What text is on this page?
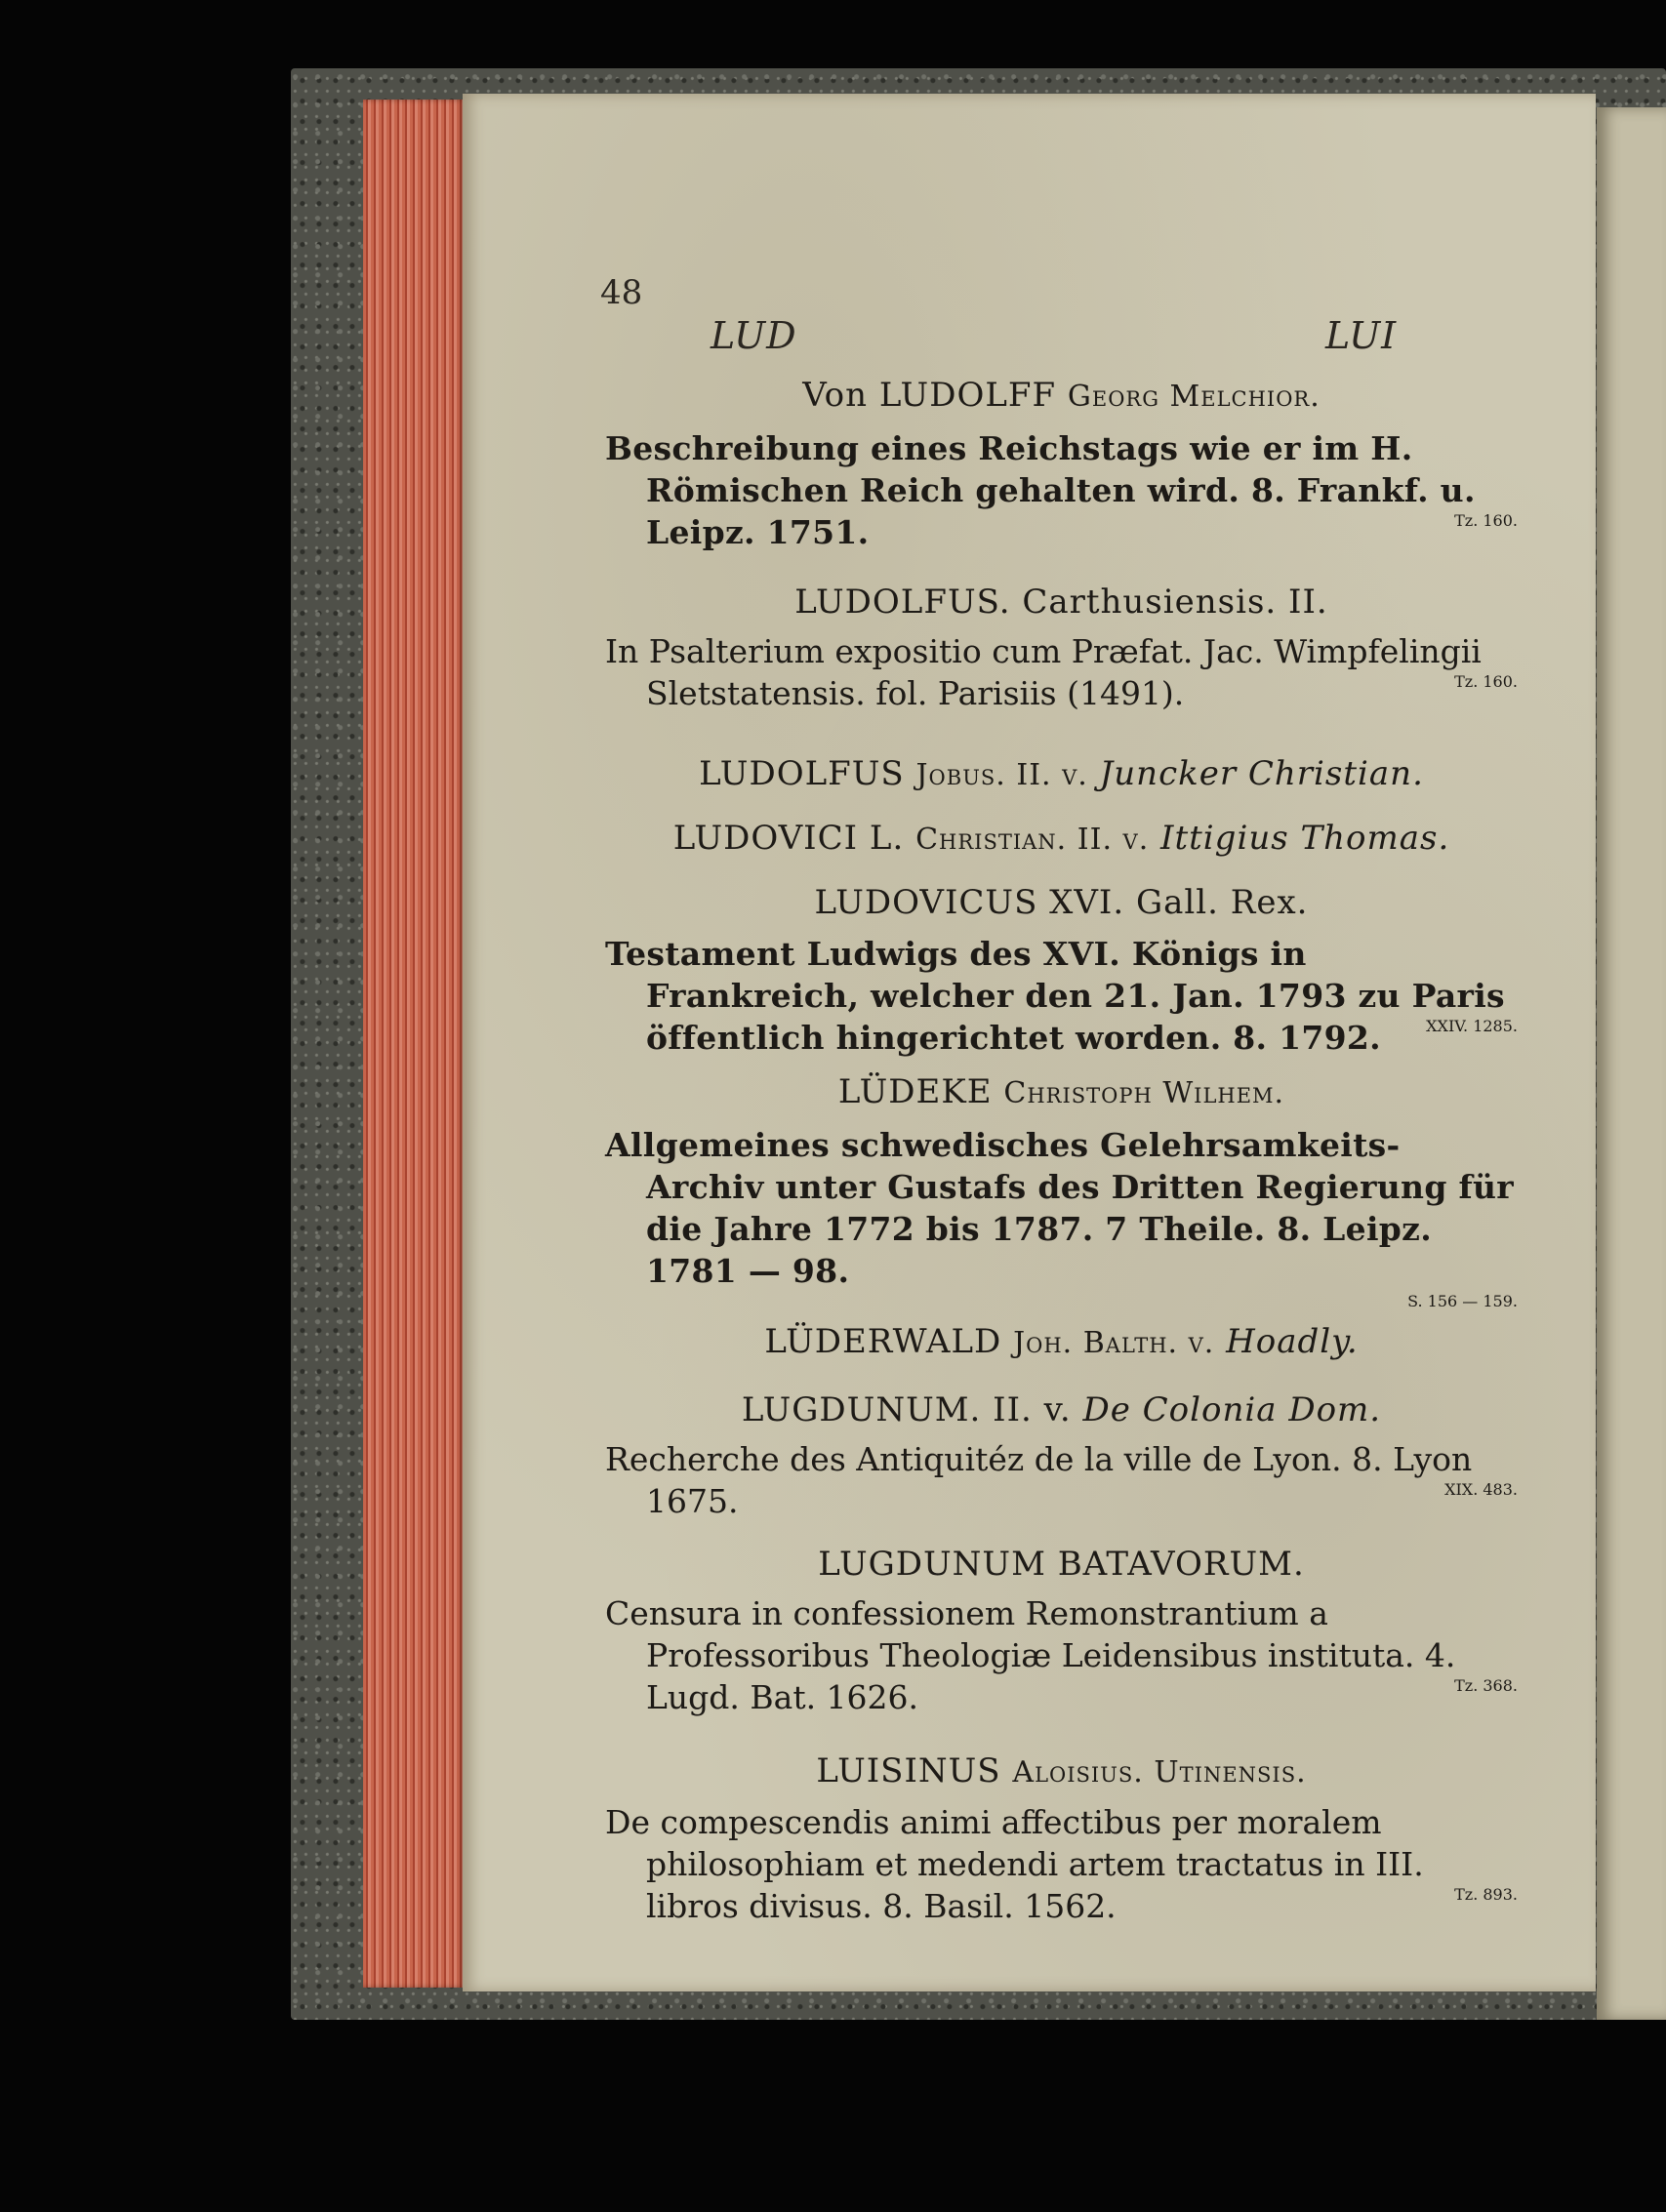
48
LUD	LUI
Von LUDOLFF Georg Melchior.
Beschreibung eines Reichstags wie er im H. Römischen Reich gehalten wird. 8. Frankf. u. Leipz. 1751.	Tz. 160.
LUDOLFUS. Carthusiensis. II.
In Psalterium expositio cum Præfat. Jac. Wimpfelingii Sletstatensis. fol. Parisiis (1491).	Tz. 160.
LUDOLFUS Jobus. II. v. Juncker Christian.
LUDOVICI L. Christian. II. v. Ittigius Thomas.
LUDOVICUS XVI. Gall. Rex.
Testament Ludwigs des XVI. Königs in Frankreich, welcher den 21. Jan. 1793 zu Paris öffentlich hingerichtet worden. 8. 1792.	XXIV. 1285.
LÜDEKE Christoph Wilhem.
Allgemeines schwedisches Gelehrsamkeits-Archiv unter Gustafs des Dritten Regierung für die Jahre 1772 bis 1787. 7 Theile. 8. Leipz. 1781 — 98.
S. 156 — 159.
LÜDERWALD Joh. Balth. v. Hoadly.
LUGDUNUM. II. v. De Colonia Dom.
Recherche des Antiquitéz de la ville de Lyon. 8. Lyon 1675.	XIX. 483.
LUGDUNUM BATAVORUM.
Censura in confessionem Remonstrantium a Professoribus Theologiæ Leidensibus instituta. 4. Lugd. Bat. 1626.	Tz. 368.
LUISINUS Aloisius. Utinensis.
De compescendis animi affectibus per moralem philosophiam et medendi artem tractatus in III. libros divisus. 8. Basil. 1562.	Tz. 893.
